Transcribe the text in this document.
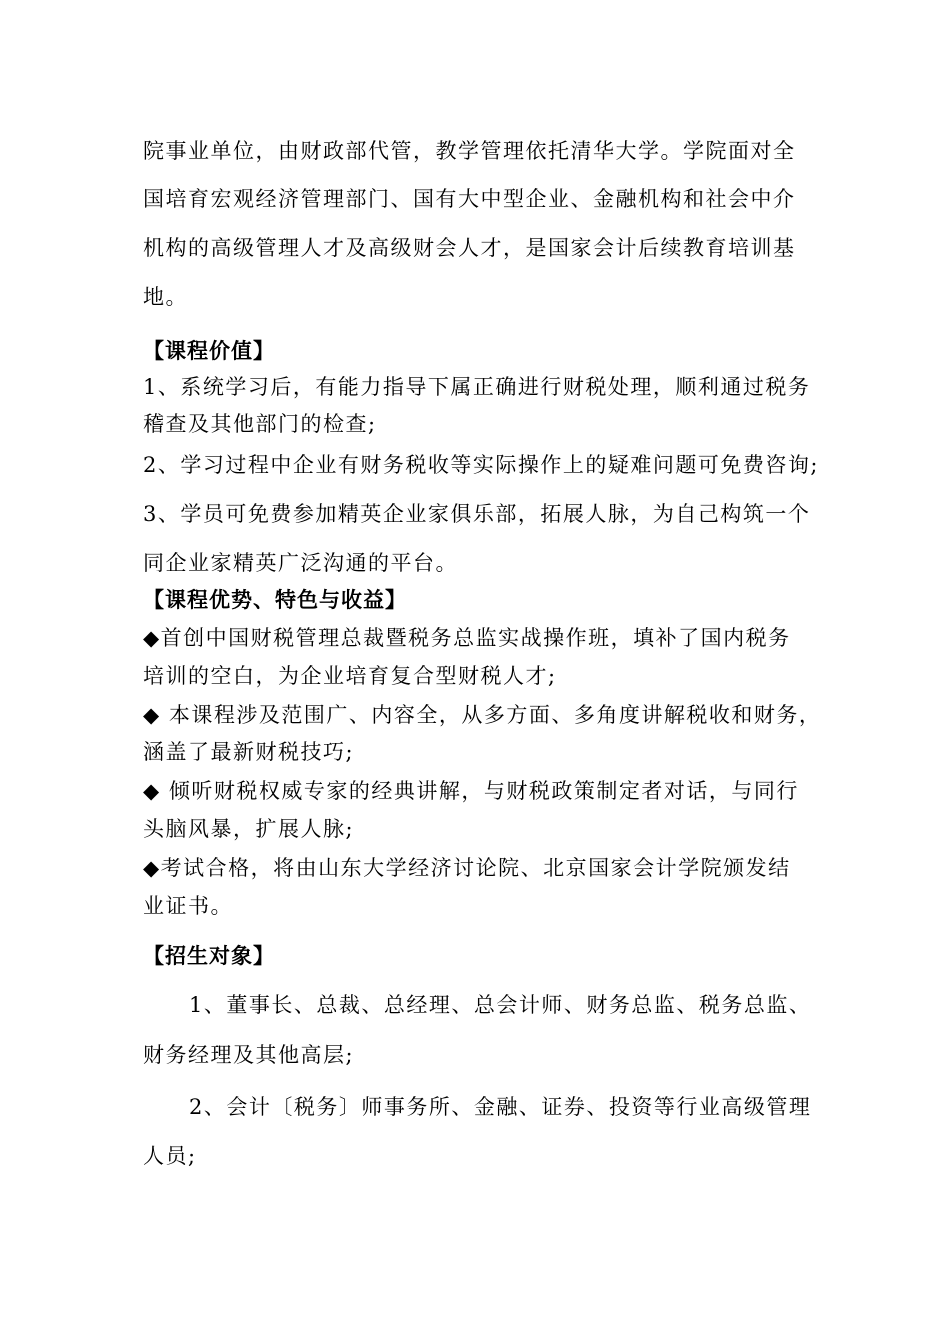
院事业单位，由财政部代管，教学管理依托清华大学。学院面对全
国培育宏观经济管理部门、国有大中型企业、金融机构和社会中介
机构的高级管理人才及高级财会人才，是国家会计后续教育培训基
地。
【课程价值】
1、系统学习后，有能力指导下属正确进行财税处理，顺利通过税务
稽查及其他部门的检查;
2、学习过程中企业有财务税收等实际操作上的疑难问题可免费咨询;
3、学员可免费参加精英企业家俱乐部，拓展人脉，为自己构筑一个
同企业家精英广泛沟通的平台。
【课程优势、特色与收益】
◆首创中国财税管理总裁暨税务总监实战操作班，填补了国内税务
培训的空白，为企业培育复合型财税人才;
◆ 本课程涉及范围广、内容全，从多方面、多角度讲解税收和财务，
涵盖了最新财税技巧;
◆ 倾听财税权威专家的经典讲解，与财税政策制定者对话，与同行
头脑风暴，扩展人脉;
◆考试合格，将由山东大学经济讨论院、北京国家会计学院颁发结
业证书。
【招生对象】
1、董事长、总裁、总经理、总会计师、财务总监、税务总监、
财务经理及其他高层;
2、会计〔税务〕师事务所、金融、证券、投资等行业高级管理
人员;
